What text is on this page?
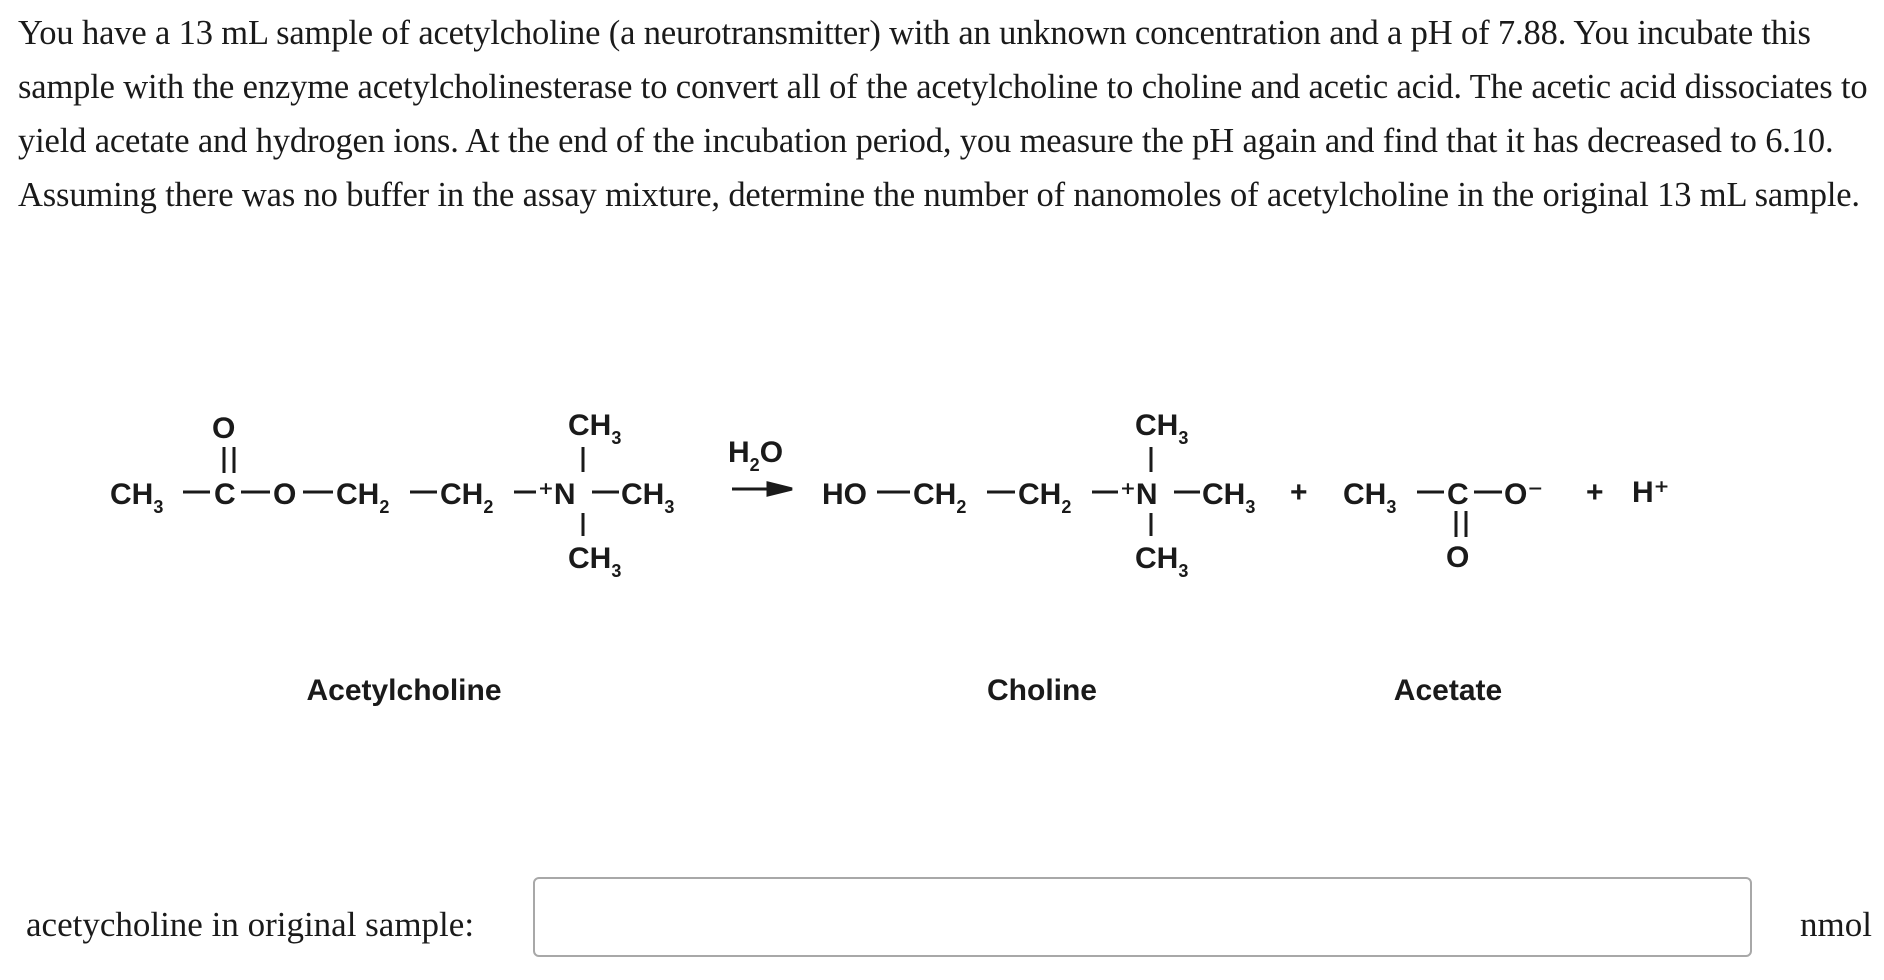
You have a 13 mL sample of acetylcholine (a neurotransmitter) with an unknown concentration and a pH of 7.88. You incubate this sample with the enzyme acetylcholinesterase to convert all of the acetylcholine to choline and acetic acid. The acetic acid dissociates to yield acetate and hydrogen ions. At the end of the incubation period, you measure the pH again and find that it has decreased to 6.10. Assuming there was no buffer in the assay mixture, determine the number of nanomoles of acetylcholine in the original 13 mL sample.

O
$CH_3$ C O $CH_2$ $CH_2$ ⁺N $CH_3$
$CH_3$
$CH_3$
$H_2O$
HO $CH_2$ $CH_2$ ⁺N $CH_3$
$CH_3$
$CH_3$
+ $CH_3$ C O⁻
O
+ H⁺
Acetylcholine	Choline	Acetate
acetycholine in original sample:	nmol
